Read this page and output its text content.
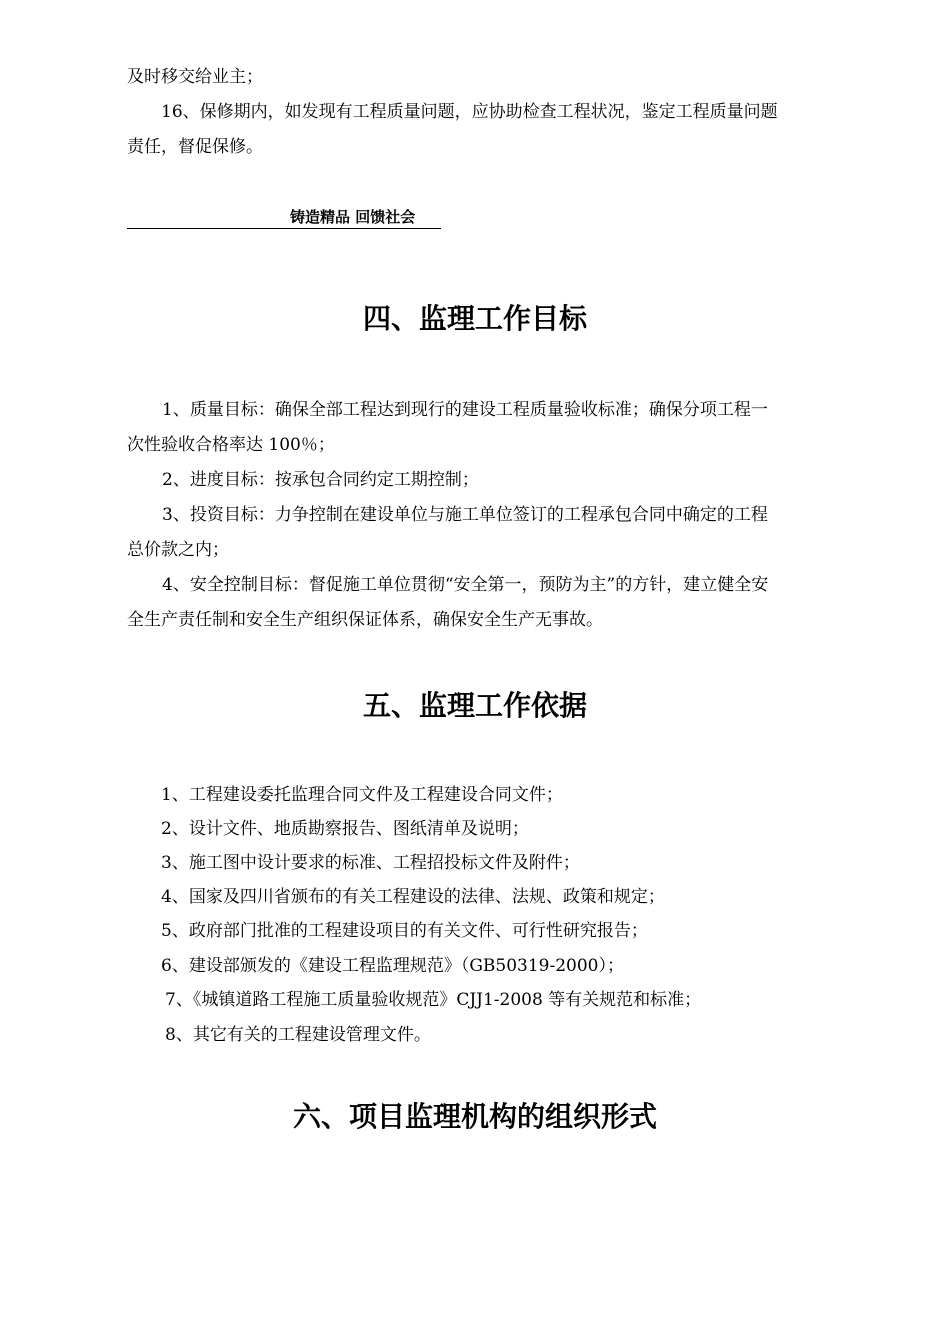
及时移交给业主；
16、保修期内，如发现有工程质量问题，应协助检查工程状况，鉴定工程质量问题
责任，督促保修。
铸造精品 回馈社会
四、监理工作目标
1、质量目标：确保全部工程达到现行的建设工程质量验收标准；确保分项工程一
次性验收合格率达 100％；
2、进度目标：按承包合同约定工期控制；
3、投资目标：力争控制在建设单位与施工单位签订的工程承包合同中确定的工程
总价款之内；
4、安全控制目标：督促施工单位贯彻“安全第一，预防为主”的方针，建立健全安
全生产责任制和安全生产组织保证体系，确保安全生产无事故。
五、监理工作依据
1、工程建设委托监理合同文件及工程建设合同文件；
2、设计文件、地质勘察报告、图纸清单及说明；
3、施工图中设计要求的标准、工程招投标文件及附件；
4、国家及四川省颁布的有关工程建设的法律、法规、政策和规定；
5、政府部门批准的工程建设项目的有关文件、可行性研究报告；
6、建设部颁发的《建设工程监理规范》（GB50319-2000）；
7、《城镇道路工程施工质量验收规范》CJJ1-2008 等有关规范和标准；
8、其它有关的工程建设管理文件。
六、项目监理机构的组织形式
